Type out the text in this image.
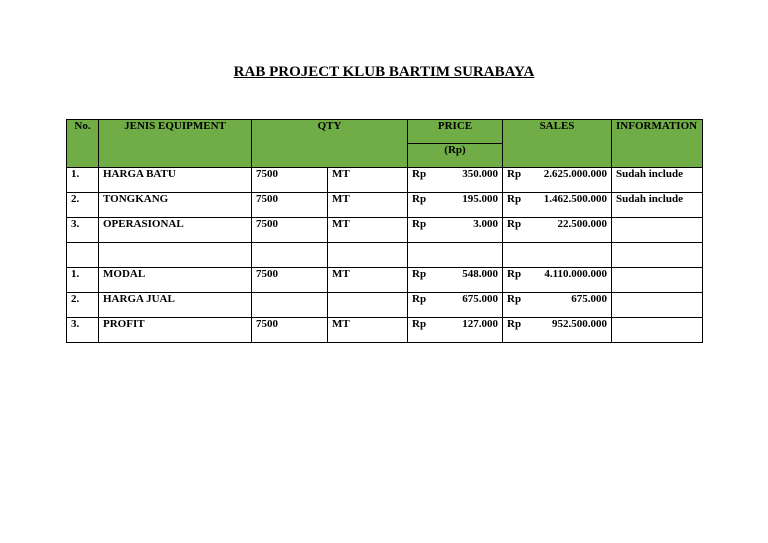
RAB PROJECT KLUB BARTIM SURABAYA
No.	JENIS EQUIPMENT	QTY		PRICE		SALES		INFORMATION
				(Rp)				
1.	HARGA BATU	7500	MT	Rp	350.000	Rp	2.625.000.000	Sudah include
2.	TONGKANG	7500	MT	Rp	195.000	Rp	1.462.500.000	Sudah include
3.	OPERASIONAL	7500	MT	Rp	3.000	Rp	22.500.000	

1.	MODAL	7500	MT	Rp	548.000	Rp	4.110.000.000	
2.	HARGA JUAL			Rp	675.000	Rp	675.000	
3.	PROFIT	7500	MT	Rp	127.000	Rp	952.500.000	
